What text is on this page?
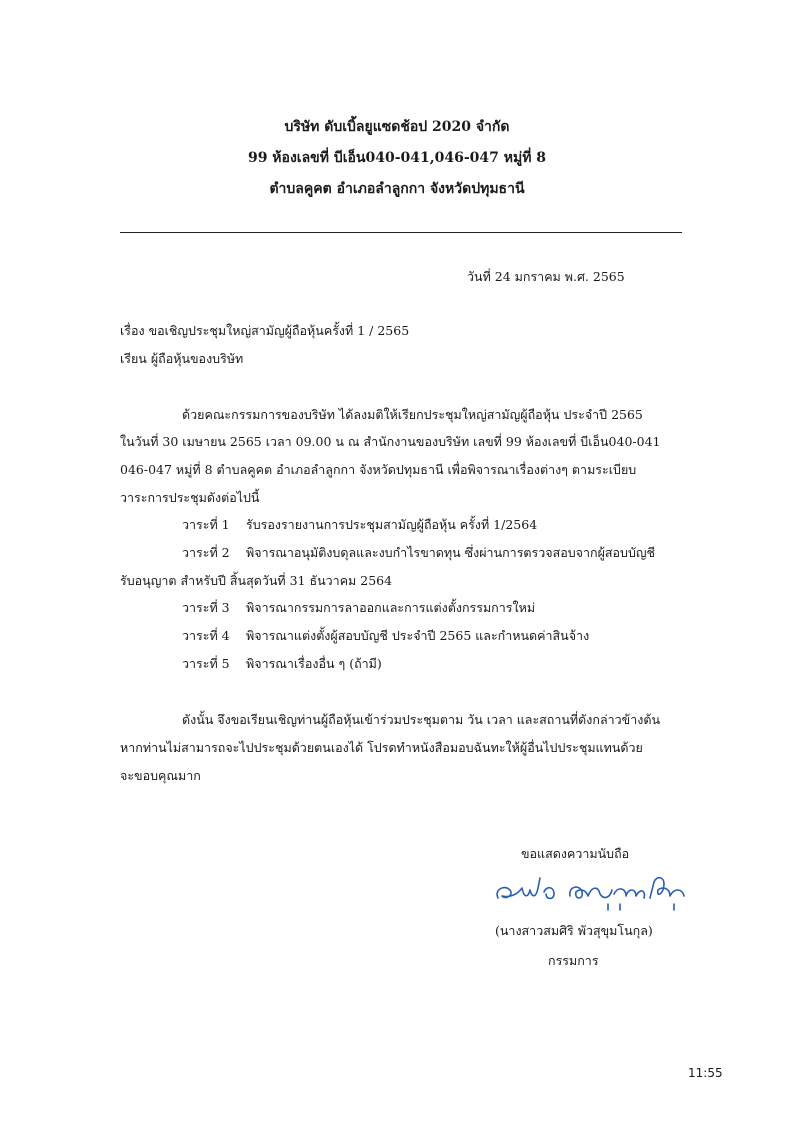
บริษัท ดับเบิ้ลยูแซดช้อป 2020 จำกัด
99 ห้องเลขที่ บีเอ็น040-041,046-047 หมู่ที่ 8
ตำบลคูคต อำเภอลำลูกกา จังหวัดปทุมธานี
วันที่ 24 มกราคม พ.ศ. 2565
เรื่อง ขอเชิญประชุมใหญ่สามัญผู้ถือหุ้นครั้งที่ 1 / 2565
เรียน ผู้ถือหุ้นของบริษัท
ด้วยคณะกรรมการของบริษัท ได้ลงมติให้เรียกประชุมใหญ่สามัญผู้ถือหุ้น ประจำปี 2565
ในวันที่ 30 เมษายน 2565 เวลา 09.00 น ณ สำนักงานของบริษัท เลขที่ 99 ห้องเลขที่ บีเอ็น040-041
046-047 หมู่ที่ 8 ตำบลคูคต อำเภอลำลูกกา จังหวัดปทุมธานี เพื่อพิจารณาเรื่องต่างๆ ตามระเบียบ
วาระการประชุมดังต่อไปนี้
วาระที่ 1 รับรองรายงานการประชุมสามัญผู้ถือหุ้น ครั้งที่ 1/2564
วาระที่ 2 พิจารณาอนุมัติงบดุลและงบกำไรขาดทุน ซึ่งผ่านการตรวจสอบจากผู้สอบบัญชี
รับอนุญาต สำหรับปี สิ้นสุดวันที่ 31 ธันวาคม 2564
วาระที่ 3 พิจารณากรรมการลาออกและการแต่งตั้งกรรมการใหม่
วาระที่ 4 พิจารณาแต่งตั้งผู้สอบบัญชี ประจำปี 2565 และกำหนดค่าสินจ้าง
วาระที่ 5 พิจารณาเรื่องอื่น ๆ (ถ้ามี)
ดังนั้น จึงขอเรียนเชิญท่านผู้ถือหุ้นเข้าร่วมประชุมตาม วัน เวลา และสถานที่ดังกล่าวข้างต้น
หากท่านไม่สามารถจะไปประชุมด้วยตนเองได้ โปรดทำหนังสือมอบฉันทะให้ผู้อื่นไปประชุมแทนด้วย
จะขอบคุณมาก
ขอแสดงความนับถือ
(นางสาวสมศิริ พัวสุขุมโนกุล)
กรรมการ
11:55
